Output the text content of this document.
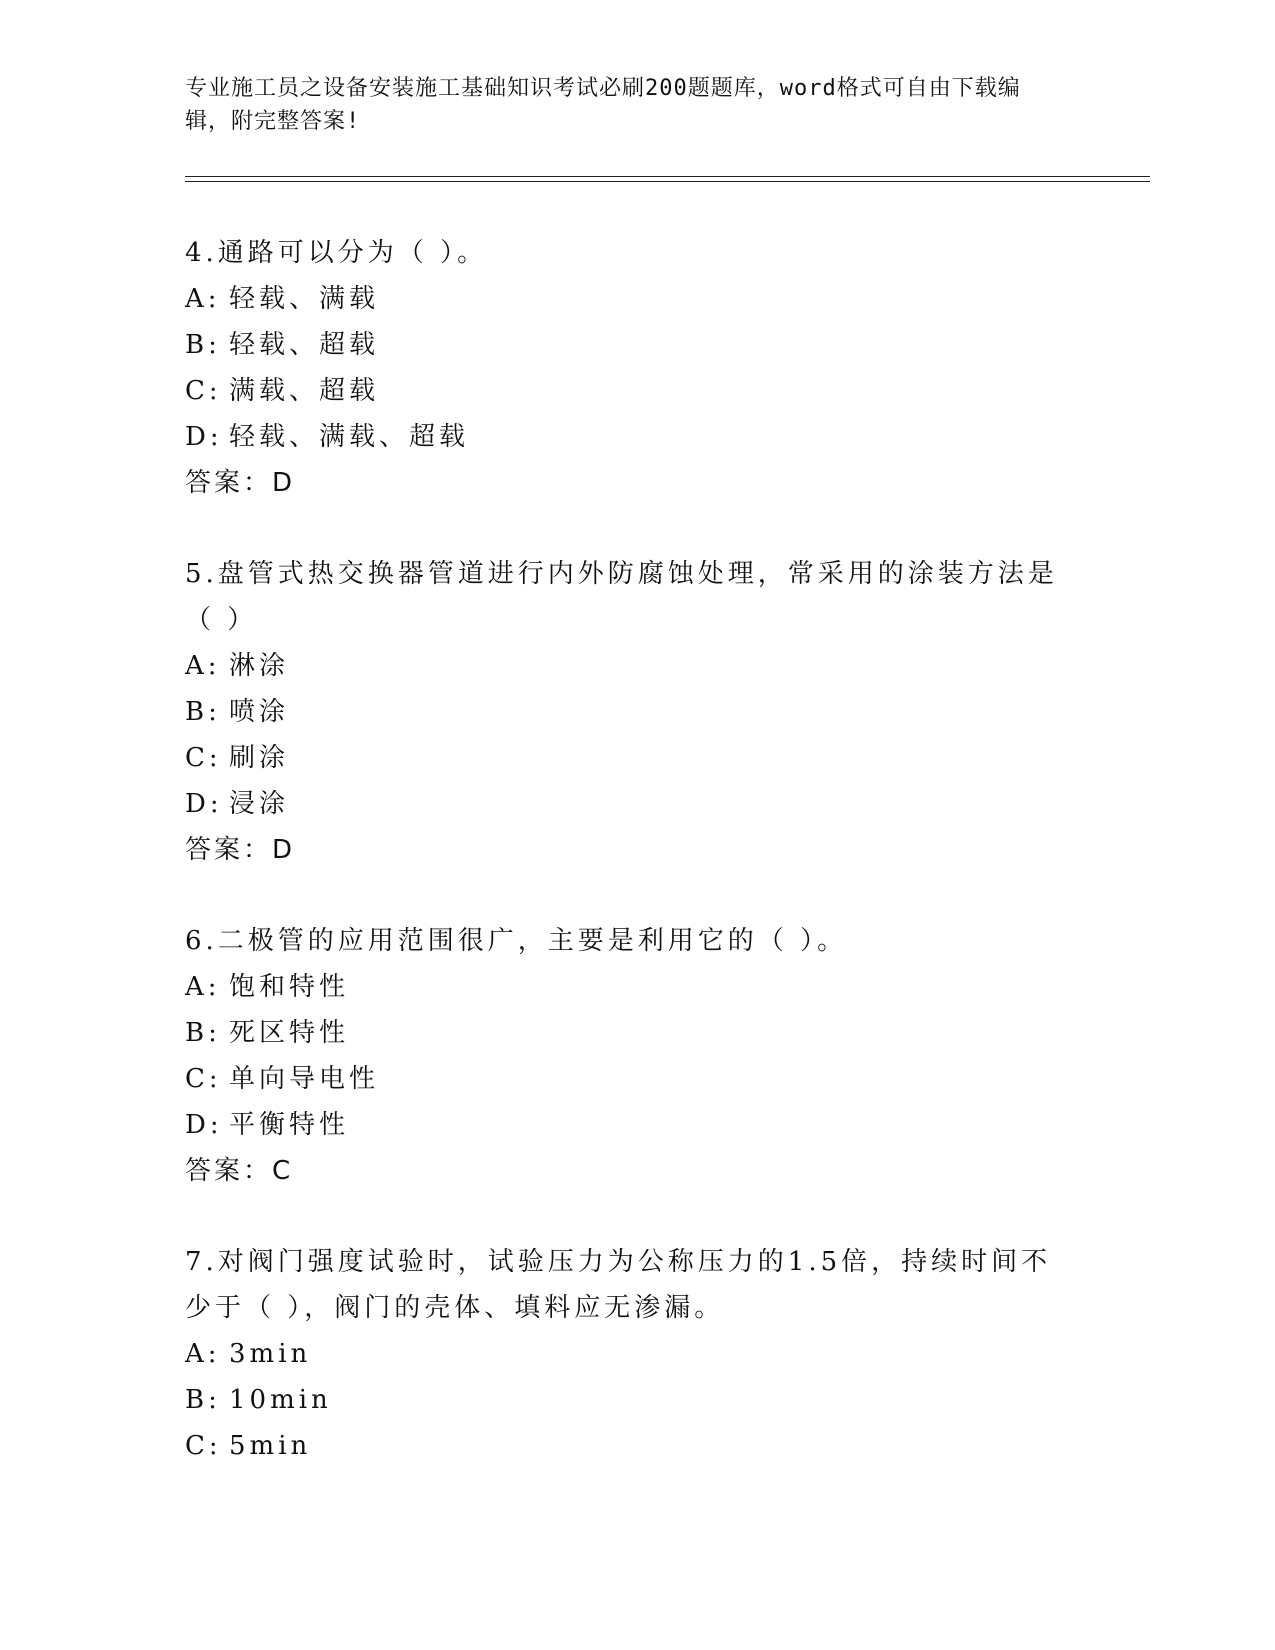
专业施工员之设备安装施工基础知识考试必刷200题题库，word格式可自由下载编辑，附完整答案!
4.通路可以分为（ ）。
A: 轻载、满载
B: 轻载、超载
C: 满载、超载
D: 轻载、满载、超载
答案：D
5.盘管式热交换器管道进行内外防腐蚀处理，常采用的涂装方法是（ ）
A: 淋涂
B: 喷涂
C: 刷涂
D: 浸涂
答案：D
6.二极管的应用范围很广，主要是利用它的（ ）。
A: 饱和特性
B: 死区特性
C: 单向导电性
D: 平衡特性
答案：C
7.对阀门强度试验时，试验压力为公称压力的1.5倍，持续时间不少于（ ），阀门的壳体、填料应无渗漏。
A: 3min
B: 10min
C: 5min
